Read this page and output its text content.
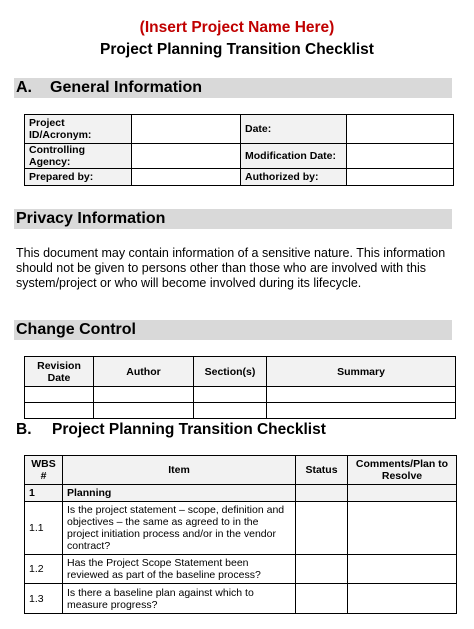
(Insert Project Name Here)
Project Planning Transition Checklist
A. General Information
Project ID/Acronym:		Date:	
Controlling Agency:		Modification Date:	
Prepared by:		Authorized by:	
Privacy Information
This document may contain information of a sensitive nature. This information should not be given to persons other than those who are involved with this system/project or who will become involved during its lifecycle.
Change Control
Revision Date	Author	Section(s)	Summary

B. Project Planning Transition Checklist
WBS #	Item	Status	Comments/Plan to Resolve
1	Planning		
1.1	Is the project statement – scope, definition and objectives – the same as agreed to in the project initiation process and/or in the vendor contract?		
1.2	Has the Project Scope Statement been reviewed as part of the baseline process?		
1.3	Is there a baseline plan against which to measure progress?		
